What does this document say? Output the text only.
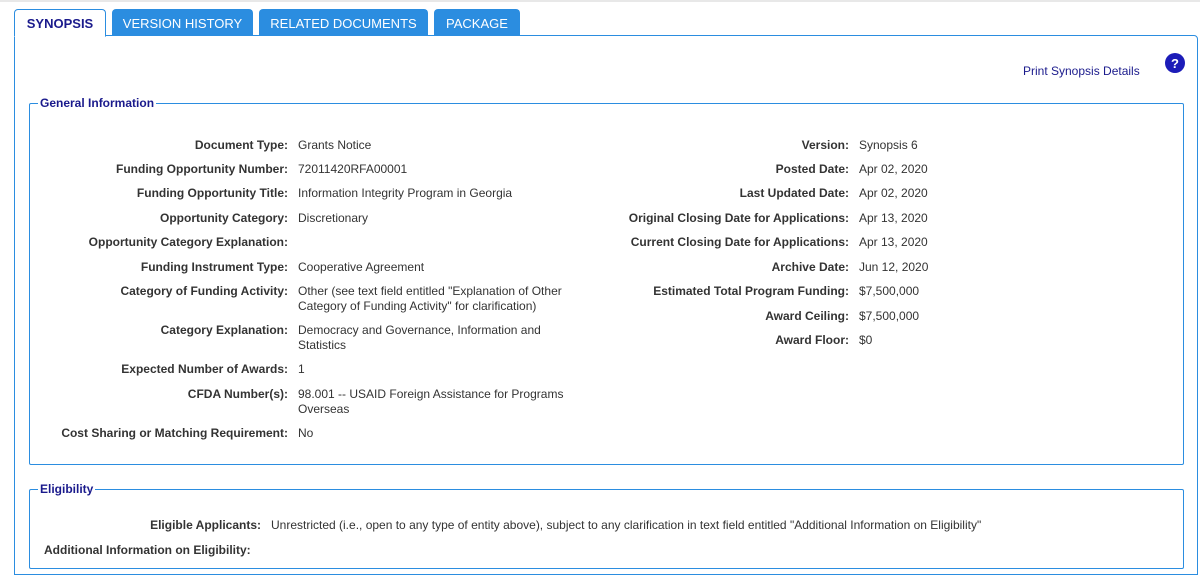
SYNOPSIS	VERSION HISTORY	RELATED DOCUMENTS	PACKAGE
Print Synopsis Details
?
General Information
Document Type: Grants Notice
Funding Opportunity Number: 72011420RFA00001
Funding Opportunity Title: Information Integrity Program in Georgia
Opportunity Category: Discretionary
Opportunity Category Explanation:
Funding Instrument Type: Cooperative Agreement
Category of Funding Activity: Other (see text field entitled "Explanation of Other Category of Funding Activity" for clarification)
Category Explanation: Democracy and Governance, Information and Statistics
Expected Number of Awards: 1
CFDA Number(s): 98.001 -- USAID Foreign Assistance for Programs Overseas
Cost Sharing or Matching Requirement: No
Version: Synopsis 6
Posted Date: Apr 02, 2020
Last Updated Date: Apr 02, 2020
Original Closing Date for Applications: Apr 13, 2020
Current Closing Date for Applications: Apr 13, 2020
Archive Date: Jun 12, 2020
Estimated Total Program Funding: $7,500,000
Award Ceiling: $7,500,000
Award Floor: $0
Eligibility
Eligible Applicants: Unrestricted (i.e., open to any type of entity above), subject to any clarification in text field entitled "Additional Information on Eligibility"
Additional Information on Eligibility:
